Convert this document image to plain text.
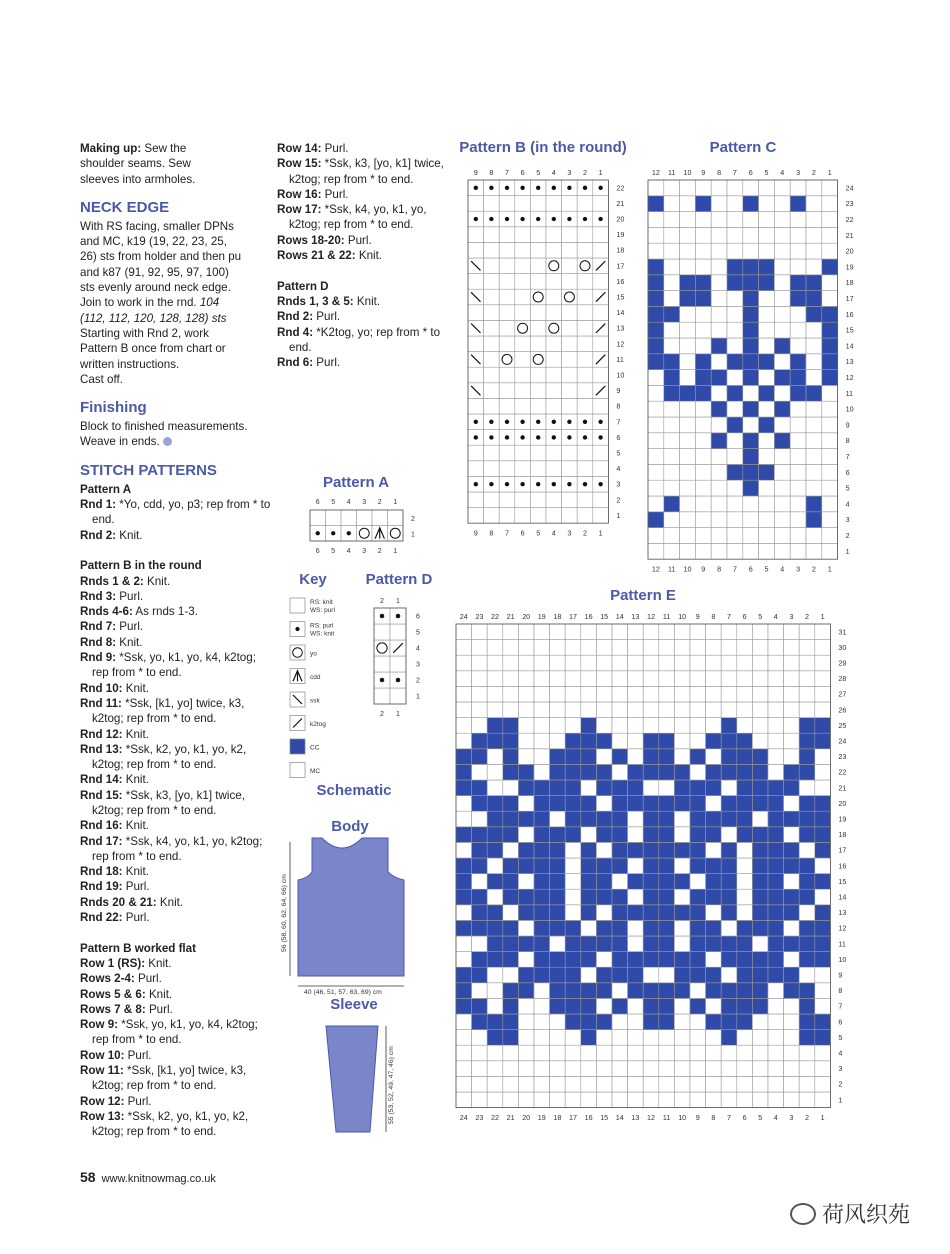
Making up: Sew the

shoulder seams. Sew

sleeves into armholes.

NECK EDGE

With RS facing, smaller DPNs

and MC, k19 (19, 22, 23, 25,

26) sts from holder and then pu

and k87 (91, 92, 95, 97, 100)

sts evenly around neck edge.

Join to work in the rnd. 104

(112, 112, 120, 128, 128) sts

Starting with Rnd 2, work

Pattern B once from chart or

written instructions.

Cast off.

Finishing

Block to finished measurements.

Weave in ends.

STITCH PATTERNS

Pattern A

Rnd 1: *Yo, cdd, yo, p3; rep from * to end.

Rnd 2: Knit.

Pattern B in the round

Rnds 1 & 2: Knit.

Rnd 3: Purl.

Rnds 4-6: As rnds 1-3.

Rnd 7: Purl.

Rnd 8: Knit.

Rnd 9: *Ssk, yo, k1, yo, k4, k2tog; rep from * to end.

Rnd 10: Knit.

Rnd 11: *Ssk, [k1, yo] twice, k3, k2tog; rep from * to end.

Rnd 12: Knit.

Rnd 13: *Ssk, k2, yo, k1, yo, k2, k2tog; rep from * to end.

Rnd 14: Knit.

Rnd 15: *Ssk, k3, [yo, k1] twice, k2tog; rep from * to end.

Rnd 16: Knit.

Rnd 17: *Ssk, k4, yo, k1, yo, k2tog; rep from * to end.

Rnd 18: Knit.

Rnd 19: Purl.

Rnds 20 & 21: Knit.

Rnd 22: Purl.

Pattern B worked flat

Row 1 (RS): Knit.

Rows 2-4: Purl.

Rows 5 & 6: Knit.

Rows 7 & 8: Purl.

Row 9: *Ssk, yo, k1, yo, k4, k2tog; rep from * to end.

Row 10: Purl.

Row 11: *Ssk, [k1, yo] twice, k3, k2tog; rep from * to end.

Row 12: Purl.

Row 13: *Ssk, k2, yo, k1, yo, k2, k2tog; rep from * to end.

Row 14: Purl.

Row 15: *Ssk, k3, [yo, k1] twice, k2tog; rep from * to end.

Row 16: Purl.

Row 17: *Ssk, k4, yo, k1, yo, k2tog; rep from * to end.

Rows 18-20: Purl.

Rows 21 & 22: Knit.

Pattern D

Rnds 1, 3 & 5: Knit.

Rnd 2: Purl.

Rnd 4: *K2tog, yo; rep from * to end.

Rnd 6: Purl.

Pattern B (in the round)	Pattern C
Pattern A
Key	Pattern D
Pattern E
Schematic
Body
Sleeve
6
6
5
5
4
4
3
3
2
2
1
1
2
1
1
2
3
4
5
6
7
8
9
10
11
12
13
14
15
16
17
18
19
20
21
22
9
9
8
8
7
7
6
6
5
5
4
4
3
3
2
2
1
1
1
2
3
4
5
6
7
8
9
10
11
12
13
14
15
16
17
18
19
20
21
22
23
24
12
12
11
11
10
10
9
9
8
8
7
7
6
6
5
5
4
4
3
3
2
2
1
1
1
2
3
4
5
6
2
2
1
1
1
2
3
4
5
6
7
8
9
10
11
12
13
14
15
16
17
18
19
20
21
22
23
24
25
26
27
28
29
30
31
24
24
23
23
22
22
21
21
20
20
19
19
18
18
17
17
16
16
15
15
14
14
13
13
12
12
11
11
10
10
9
9
8
8
7
7
6
6
5
5
4
4
3
3
2
2
1
1
RS: knit
WS: purl
RS: purl
WS: knit
yo
cdd
ssk
k2tog
CC
MC
56 (58, 60, 62, 64, 66) cm
40 (46, 51, 57, 63, 69) cm
55 (53, 52, 49, 47, 46) cm
58 www.knitnowmag.co.uk
荷风织苑
